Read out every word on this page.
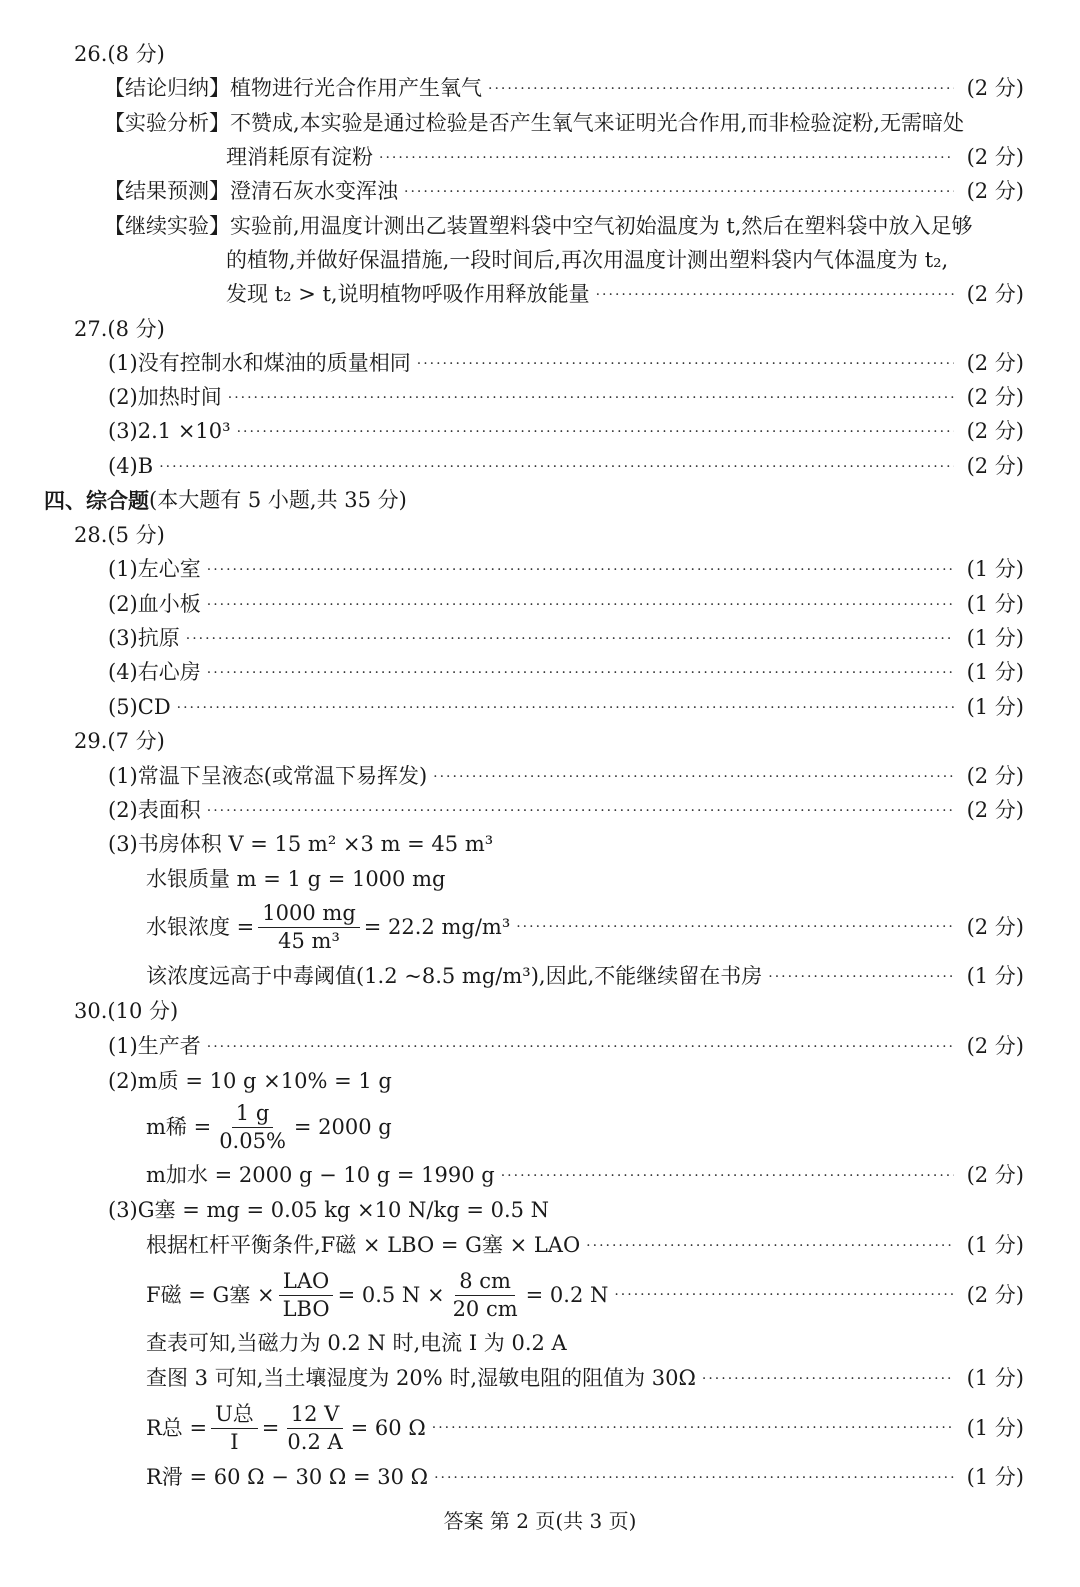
26.(8 分)
【结论归纳】 植物进行光合作用产生氧气 ·····	(2 分)
【实验分析】 不赞成,本实验是通过检验是否产生氧气来证明光合作用,而非检验淀粉,无需暗处
理消耗原有淀粉 ·····	(2 分)
【结果预测】 澄清石灰水变浑浊 ·····	(2 分)
【继续实验】 实验前,用温度计测出乙装置塑料袋中空气初始温度为 t,然后在塑料袋中放入足够
的植物,并做好保温措施,一段时间后,再次用温度计测出塑料袋内气体温度为 t₂,
发现 t₂ > t,说明植物呼吸作用释放能量 ·····	(2 分)
27.(8 分)
(1)没有控制水和煤油的质量相同 ·····	(2 分)
(2)加热时间 ·····	(2 分)
(3)2.1 ×10³ ·····	(2 分)
(4)B ·····	(2 分)
四、综合题 (本大题有 5 小题,共 35 分)
28.(5 分)
(1)左心室 ·····	(1 分)
(2)血小板 ·····	(1 分)
(3)抗原 ·····	(1 分)
(4)右心房 ·····	(1 分)
(5)CD ·····	(1 分)
29.(7 分)
(1)常温下呈液态(或常温下易挥发) ·····	(2 分)
(2)表面积 ·····	(2 分)
(3)书房体积 V = 15 m² ×3 m = 45 m³
水银质量 m = 1 g = 1000 mg
水银浓度 = $\frac{1000 mg}{\text{45 m³}} = 22.2$ mg/m³ ·····	(2 分)
该浓度远高于中毒阈值(1.2 ~8.5 mg/m³),因此,不能继续留在书房 ·····	(1 分)
30.(10 分)
(1)生产者 ·····	(2 分)
(2)m质 = 10 g ×10% = 1 g
m稀 = $\frac{1 g}{0.05\%} = 2000$ g
m加水 = 2000 g − 10 g = 1990 g ·····	(2 分)
(3)G塞 = mg = 0.05 kg ×10 N/kg = 0.5 N
根据杠杆平衡条件,F磁 × LBO = G塞 × LAO ·····	(1 分)
F磁 = G塞 × $\frac{\text{LAO}}{\text{LBO}} = 0.5$ $N \times \frac{8 cm}{20 cm} = 0.2$ N ·····	(2 分)
查表可知,当磁力为 0.2 N 时,电流 I 为 0.2 A
查图 3 可知,当土壤湿度为 20% 时,湿敏电阻的阻值为 30Ω ·····	(1 分)
R总 = $\frac{\text{U总}}{I} = \frac{12 V}{0.2 A} = 60$ Ω ·····	(1 分)
R滑 = 60 Ω − 30 Ω = 30 Ω ·····	(1 分)
答案 第 2 页(共 3 页)
